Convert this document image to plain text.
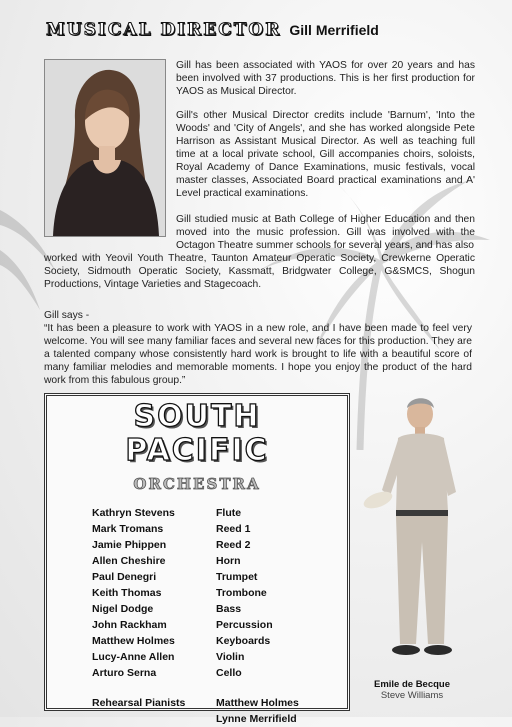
MUSICAL DIRECTOR Gill Merrifield

Gill has been associated with YAOS for over 20 years and has been involved with 37 productions. This is her first production for YAOS as Musical Director.

Gill's other Musical Director credits include 'Barnum', 'Into the Woods' and 'City of Angels', and she has worked alongside Pete Harrison as Assistant Musical Director. As well as teaching full time at a local private school, Gill accompanies choirs, soloists, Royal Academy of Dance Examinations, music festivals, vocal master classes, Associated Board practical examinations and A' Level practical examinations.

Gill studied music at Bath College of Higher Education and then moved into the music profession. Gill was involved with the Octagon Theatre summer schools for several years, and has also

worked with Yeovil Youth Theatre, Taunton Amateur Operatic Society, Crewkerne Operatic Society, Sidmouth Operatic Society, Kassmatt, Bridgwater College, G&SMCS, Shogun Productions, Vintage Varieties and Stagecoach.

Gill says -

“It has been a pleasure to work with YAOS in a new role, and I have been made to feel very welcome. You will see many familiar faces and several new faces for this production. They are a talented company whose consistently hard work is brought to life with a beautiful score of many familiar melodies and memorable moments. I hope you enjoy the product of the hard work from this fabulous group.”

SOUTH
PACIFIC
ORCHESTRA
Kathryn Stevens	Flute
Mark Tromans	Reed 1
Jamie Phippen	Reed 2
Allen Cheshire	Horn
Paul Denegri	Trumpet
Keith Thomas	Trombone
Nigel Dodge	Bass
John Rackham	Percussion
Matthew Holmes	Keyboards
Lucy-Anne Allen	Violin
Arturo Serna	Cello
Rehearsal Pianists	Matthew Holmes
Lynne Merrifield
Emile de Becque
Steve Williams
